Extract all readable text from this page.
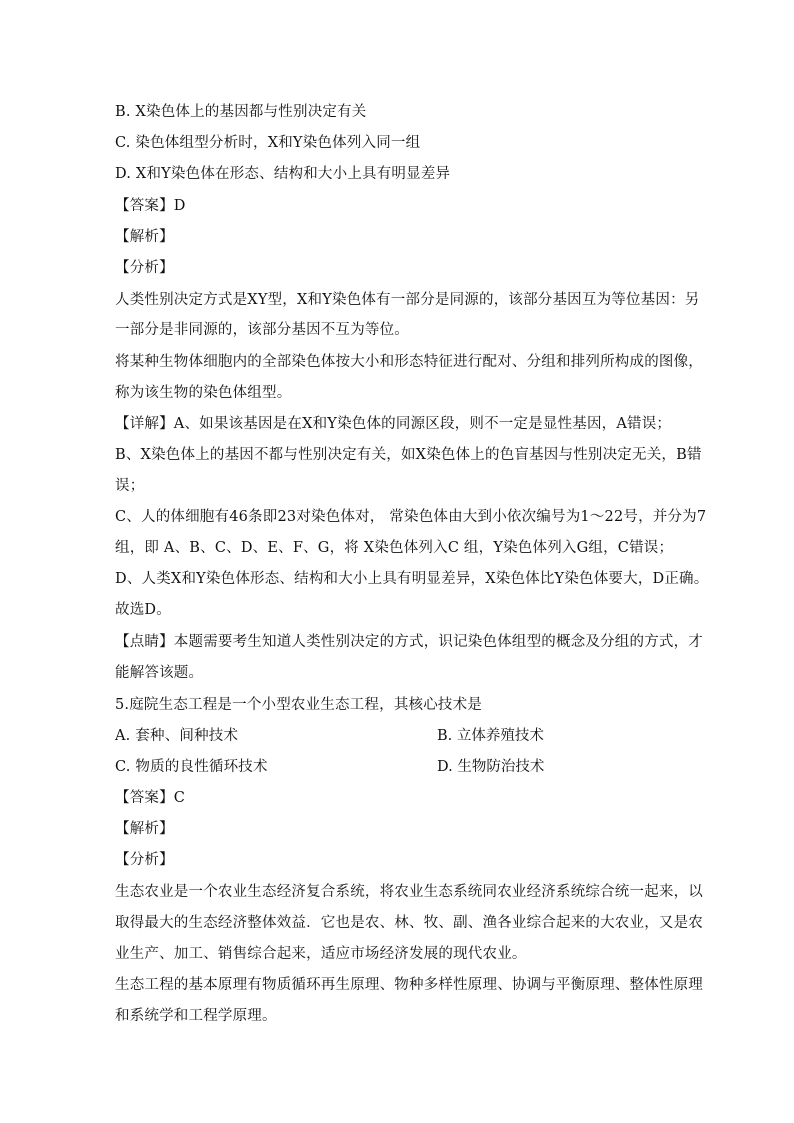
B. X染色体上的基因都与性别决定有关
C. 染色体组型分析时，X和Y染色体列入同一组
D. X和Y染色体在形态、结构和大小上具有明显差异
【答案】D
【解析】
【分析】
人类性别决定方式是XY型，X和Y染色体有一部分是同源的，该部分基因互为等位基因：另
一部分是非同源的，该部分基因不互为等位。
将某种生物体细胞内的全部染色体按大小和形态特征进行配对、分组和排列所构成的图像，
称为该生物的染色体组型。
【详解】A、如果该基因是在X和Y染色体的同源区段，则不一定是显性基因，A错误；
B、X染色体上的基因不都与性别决定有关，如X染色体上的色盲基因与性别决定无关，B错
误；
C、人的体细胞有46条即23对染色体对， 常染色体由大到小依次编号为1～22号，并分为7
组，即 A、B、C、D、E、F、G，将 X染色体列入C 组，Y染色体列入G组，C错误；
D、人类X和Y染色体形态、结构和大小上具有明显差异，X染色体比Y染色体要大，D正确。
故选D。
【点睛】本题需要考生知道人类性别决定的方式，识记染色体组型的概念及分组的方式，才
能解答该题。
5.庭院生态工程是一个小型农业生态工程，其核心技术是
A. 套种、间种技术	B. 立体养殖技术
C. 物质的良性循环技术	D. 生物防治技术
【答案】C
【解析】
【分析】
生态农业是一个农业生态经济复合系统，将农业生态系统同农业经济系统综合统一起来，以
取得最大的生态经济整体效益．它也是农、林、牧、副、渔各业综合起来的大农业，又是农
业生产、加工、销售综合起来，适应市场经济发展的现代农业。
生态工程的基本原理有物质循环再生原理、物种多样性原理、协调与平衡原理、整体性原理
和系统学和工程学原理。
